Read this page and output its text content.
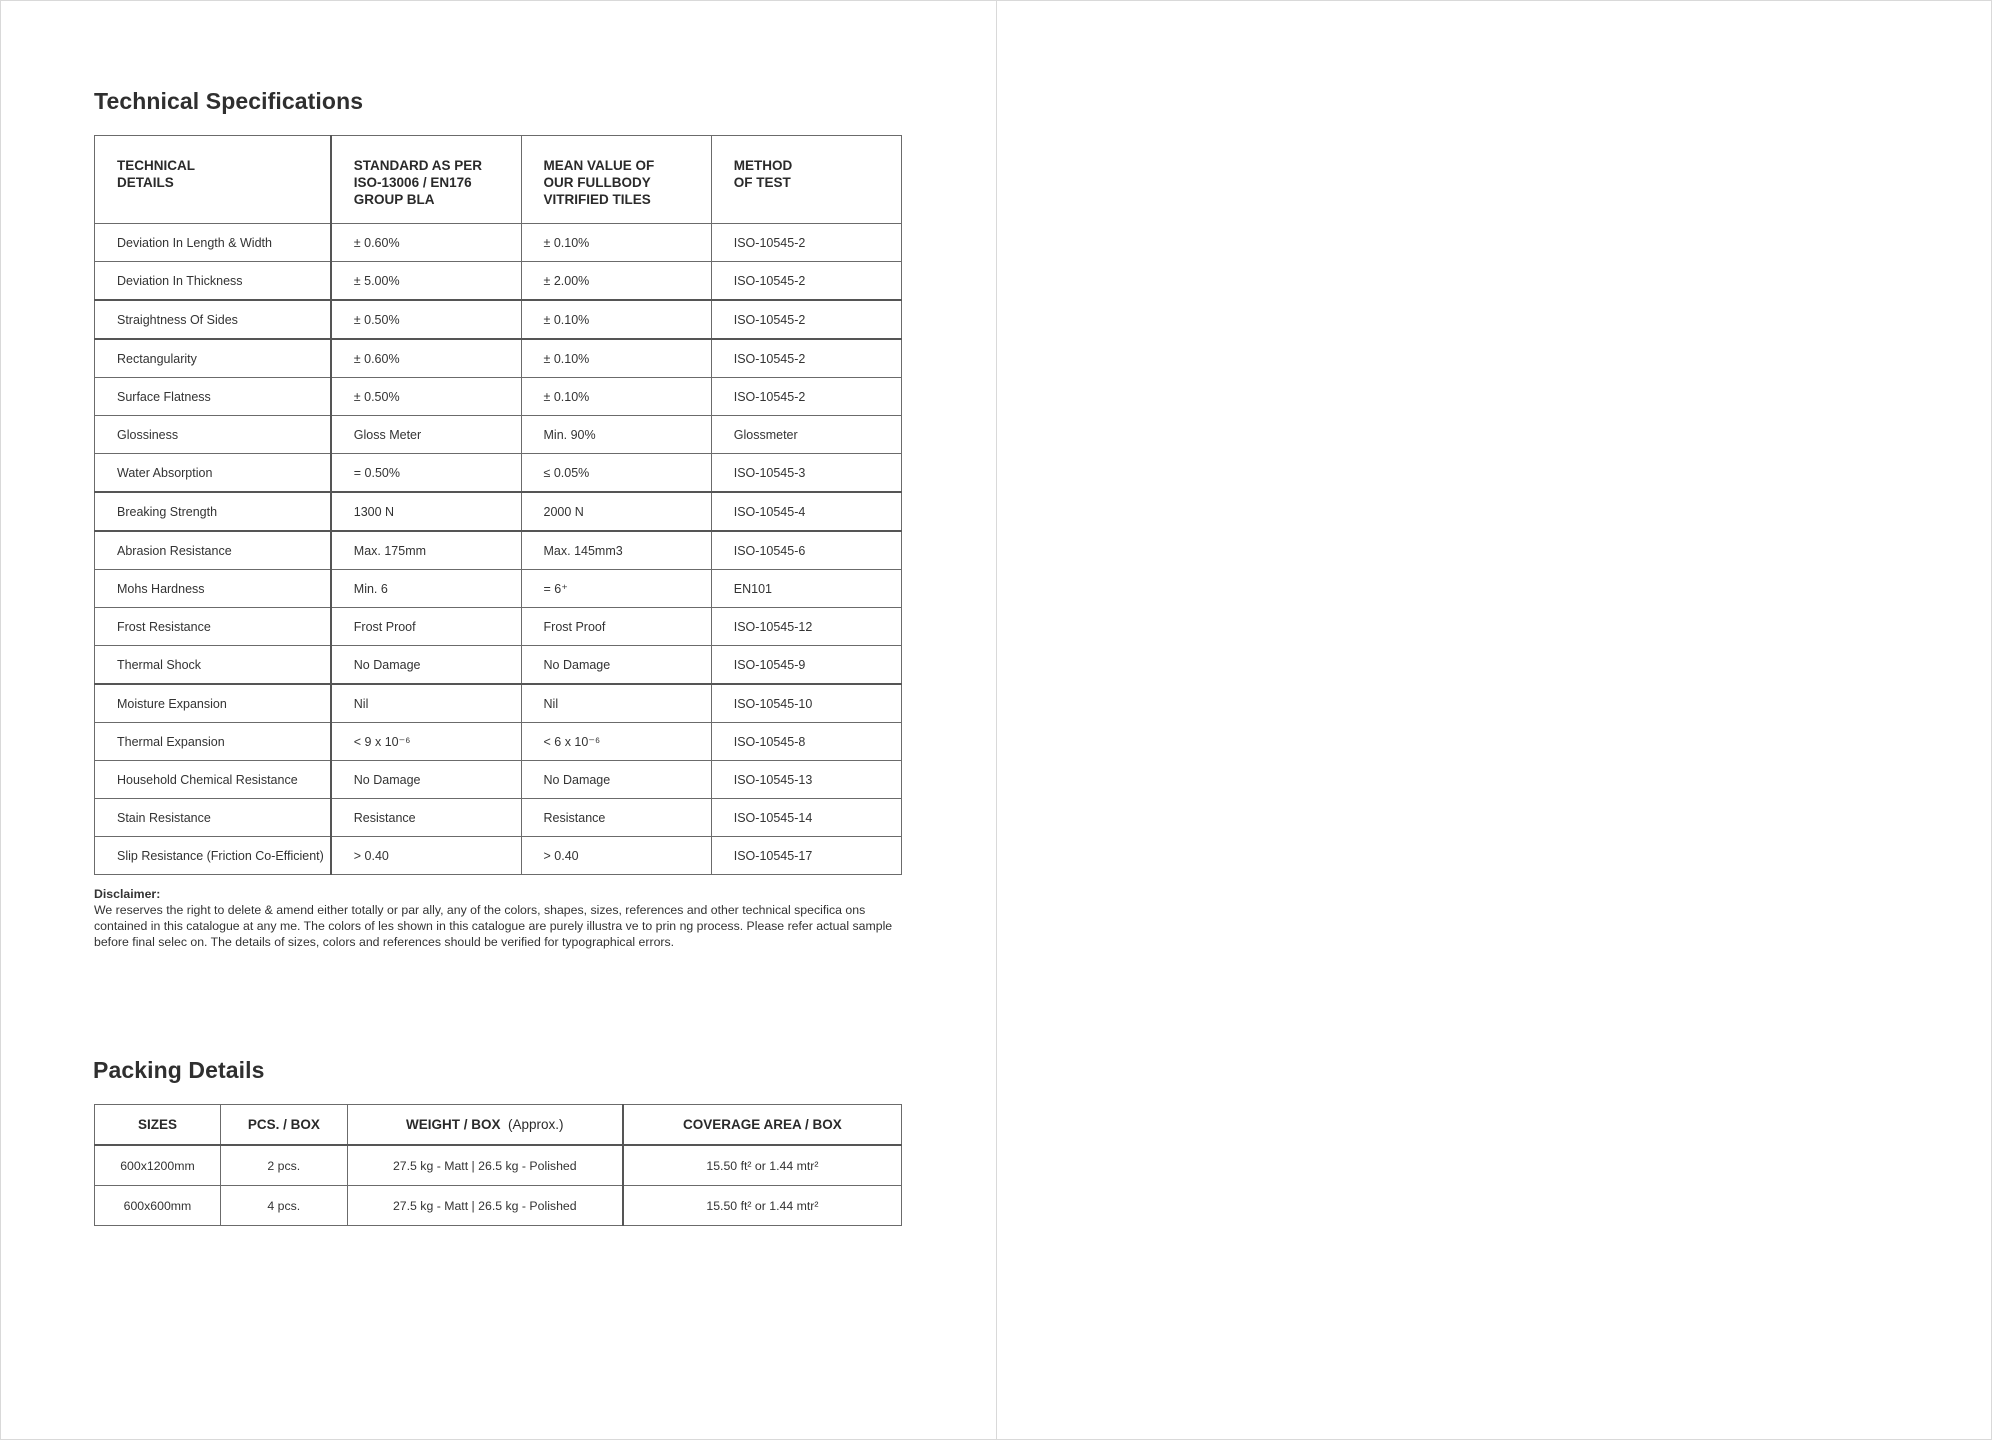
Technical Specifications
TECHNICAL
DETAILS	STANDARD AS PER
ISO-13006 / EN176
GROUP BLA	MEAN VALUE OF
OUR FULLBODY
VITRIFIED TILES	METHOD
OF TEST
Deviation In Length & Width	± 0.60%	± 0.10%	ISO-10545-2
Deviation In Thickness	± 5.00%	± 2.00%	ISO-10545-2
Straightness Of Sides	± 0.50%	± 0.10%	ISO-10545-2
Rectangularity	± 0.60%	± 0.10%	ISO-10545-2
Surface Flatness	± 0.50%	± 0.10%	ISO-10545-2
Glossiness	Gloss Meter	Min. 90%	Glossmeter
Water Absorption	= 0.50%	≤ 0.05%	ISO-10545-3
Breaking Strength	1300 N	2000 N	ISO-10545-4
Abrasion Resistance	Max. 175mm	Max. 145mm3	ISO-10545-6
Mohs Hardness	Min. 6	= 6⁺	EN101
Frost Resistance	Frost Proof	Frost Proof	ISO-10545-12
Thermal Shock	No Damage	No Damage	ISO-10545-9
Moisture Expansion	Nil	Nil	ISO-10545-10
Thermal Expansion	< 9 x 10⁻⁶	< 6 x 10⁻⁶	ISO-10545-8
Household Chemical Resistance	No Damage	No Damage	ISO-10545-13
Stain Resistance	Resistance	Resistance	ISO-10545-14
Slip Resistance (Friction Co-Efficient)	> 0.40	> 0.40	ISO-10545-17
Disclaimer:
We reserves the right to delete & amend either totally or par ally, any of the colors, shapes, sizes, references and other technical specifica ons contained in this catalogue at any me. The colors of les shown in this catalogue are purely illustra ve to prin ng process. Please refer actual sample before final selec on. The details of sizes, colors and references should be verified for typographical errors.
Packing Details
SIZES	PCS. / BOX	WEIGHT / BOX (Approx.)	COVERAGE AREA / BOX
600x1200mm	2 pcs.	27.5 kg - Matt | 26.5 kg - Polished	15.50 ft² or 1.44 mtr²
600x600mm	4 pcs.	27.5 kg - Matt | 26.5 kg - Polished	15.50 ft² or 1.44 mtr²
